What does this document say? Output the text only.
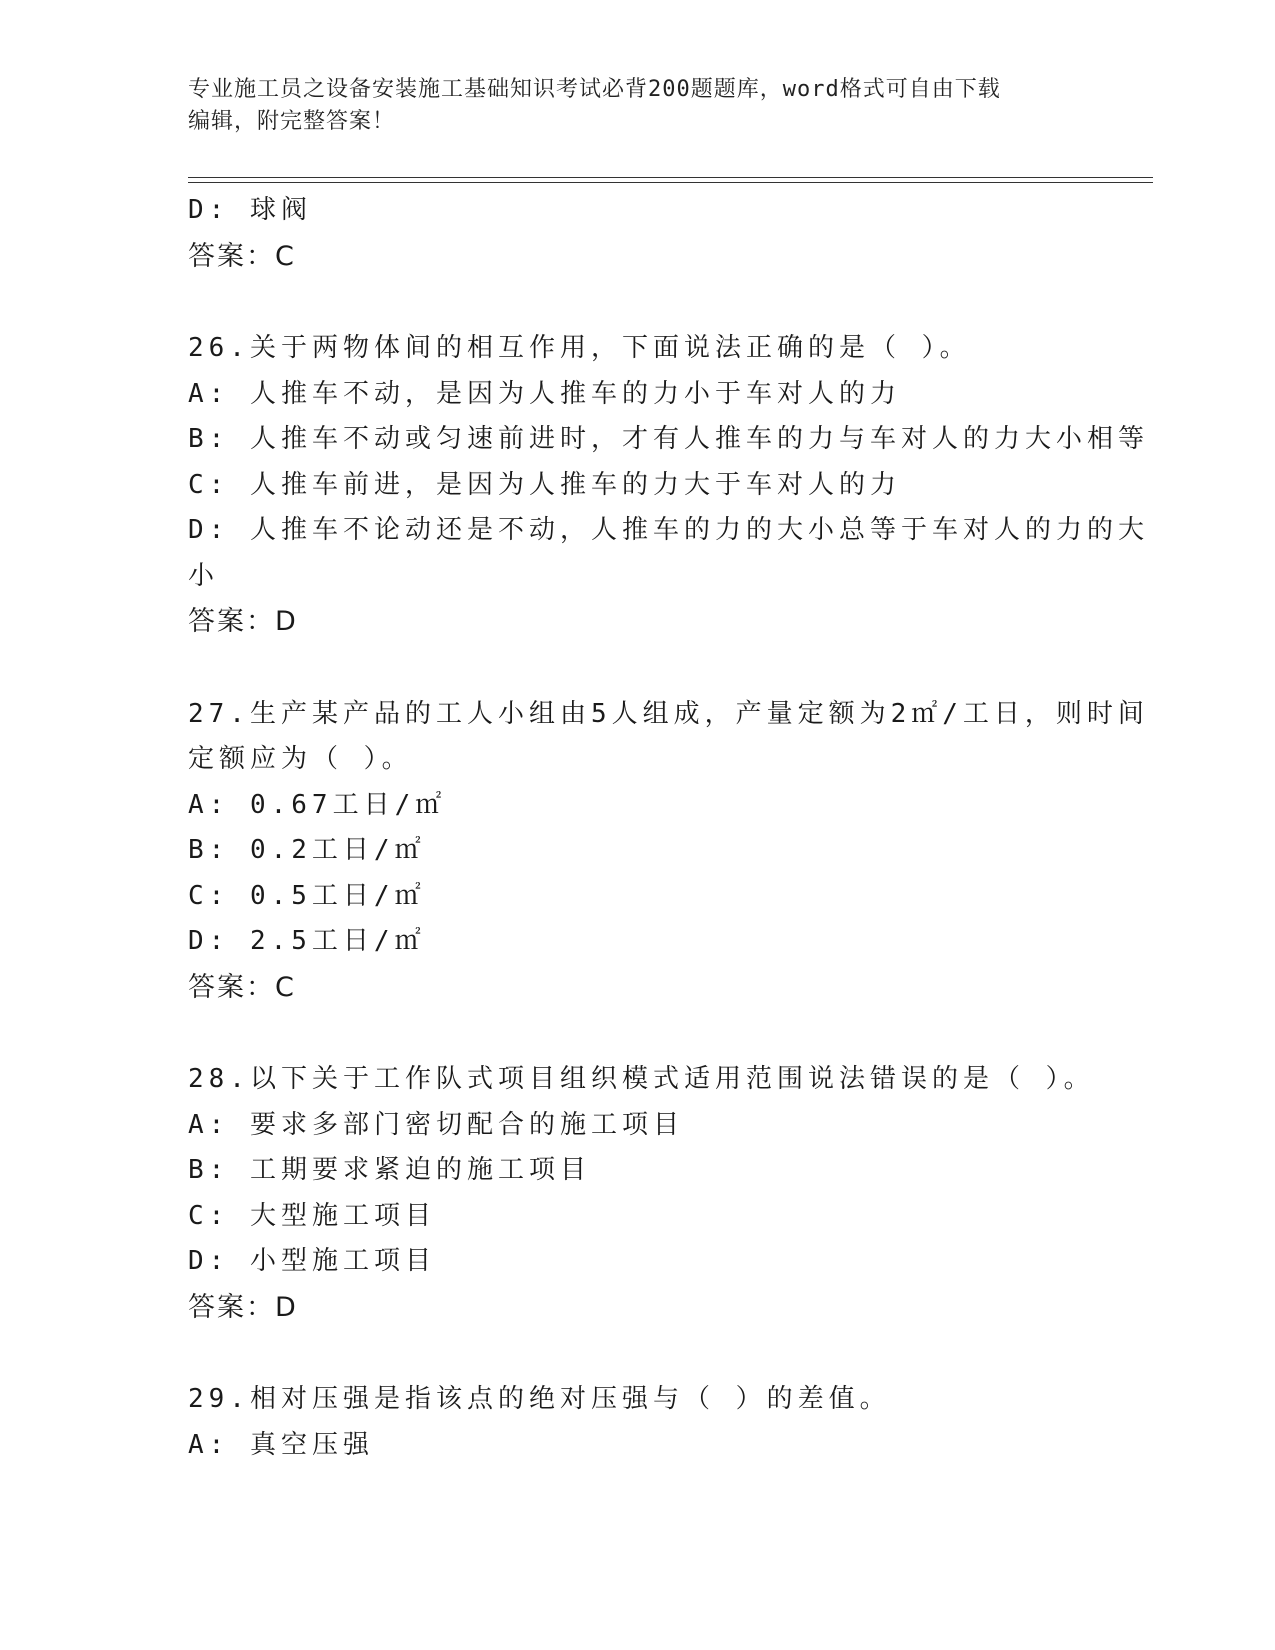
专业施工员之设备安装施工基础知识考试必背200题题库，word格式可自由下载
编辑，附完整答案！
D: 球阀
答案：C
26.关于两物体间的相互作用，下面说法正确的是（ ）。
A: 人推车不动，是因为人推车的力小于车对人的力
B: 人推车不动或匀速前进时，才有人推车的力与车对人的力大小相等
C: 人推车前进，是因为人推车的力大于车对人的力
D: 人推车不论动还是不动，人推车的力的大小总等于车对人的力的大
小
答案：D
27.生产某产品的工人小组由5人组成，产量定额为2㎡/工日，则时间
定额应为（ ）。
A: 0.67工日/㎡
B: 0.2工日/㎡
C: 0.5工日/㎡
D: 2.5工日/㎡
答案：C
28.以下关于工作队式项目组织模式适用范围说法错误的是（ ）。
A: 要求多部门密切配合的施工项目
B: 工期要求紧迫的施工项目
C: 大型施工项目
D: 小型施工项目
答案：D
29.相对压强是指该点的绝对压强与（ ）的差值。
A: 真空压强
